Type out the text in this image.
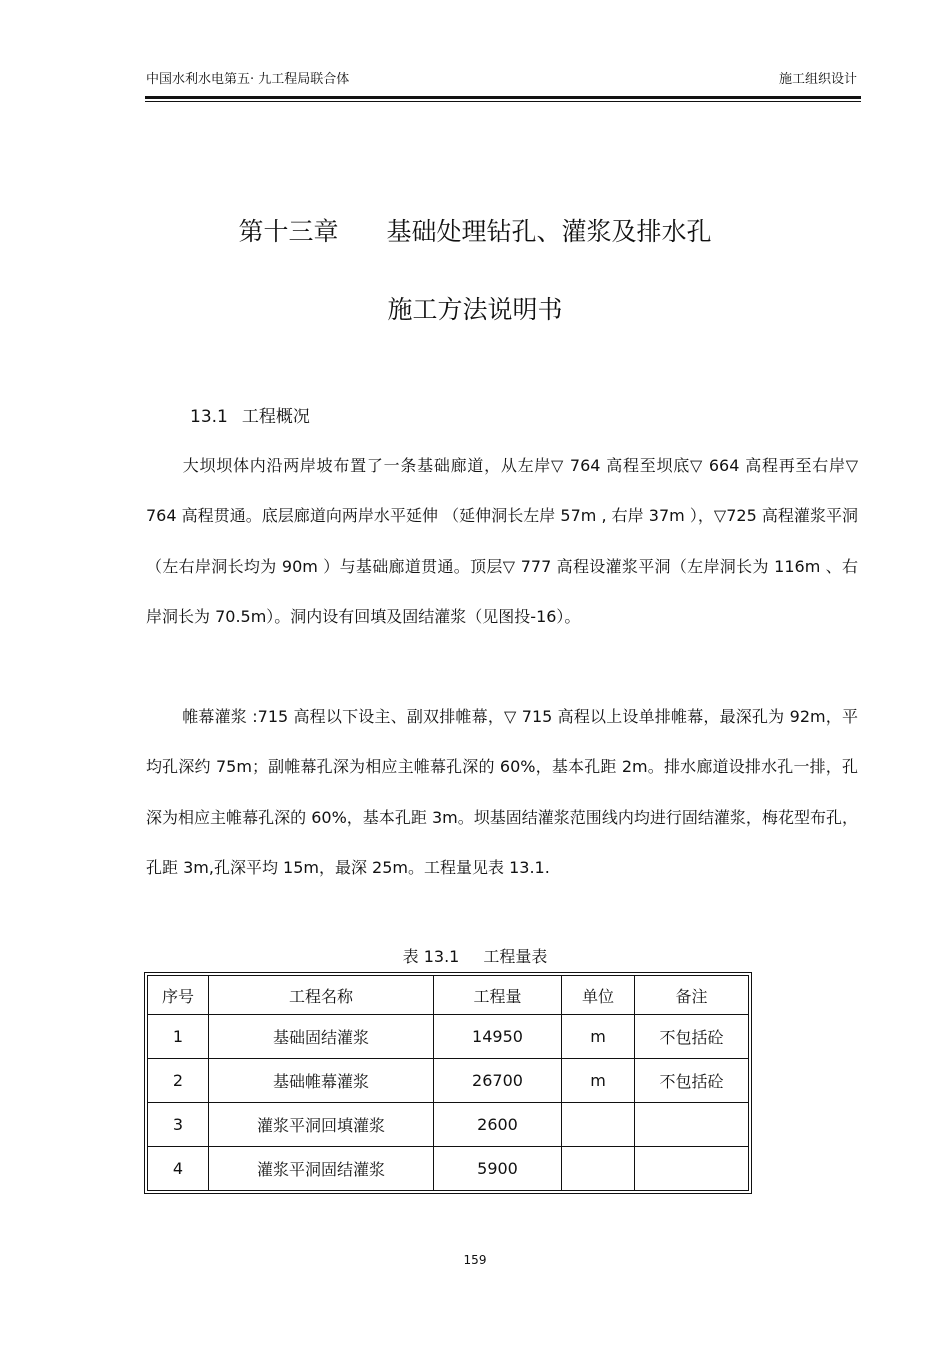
中国水利水电第五· 九工程局联合体	施工组织设计
第十三章 基础处理钻孔、灌浆及排水孔
施工方法说明书
13.1 工程概况
大坝坝体内沿两岸坡布置了一条基础廊道，从左岸▽ 764 高程至坝底▽ 664 高程再至右岸▽ 764 高程贯通。底层廊道向两岸水平延伸 （延伸洞长左岸 57m , 右岸 37m ），▽725 高程灌浆平洞（左右岸洞长均为 90m ）与基础廊道贯通。顶层▽ 777 高程设灌浆平洞（左岸洞长为 116m 、右岸洞长为 70.5m）。洞内设有回填及固结灌浆（见图投-16）。
帷幕灌浆 :715 高程以下设主、副双排帷幕，▽ 715 高程以上设单排帷幕，最深孔为 92m，平均孔深约 75m；副帷幕孔深为相应主帷幕孔深的 60%，基本孔距 2m。排水廊道设排水孔一排，孔深为相应主帷幕孔深的 60%，基本孔距 3m。坝基固结灌浆范围线内均进行固结灌浆，梅花型布孔，孔距 3m,孔深平均 15m，最深 25m。工程量见表 13.1.
表 13.1 工程量表
序号	工程名称	工程量	单位	备注
1	基础固结灌浆	14950	m	不包括砼
2	基础帷幕灌浆	26700	m	不包括砼
3	灌浆平洞回填灌浆	2600		
4	灌浆平洞固结灌浆	5900		
159
